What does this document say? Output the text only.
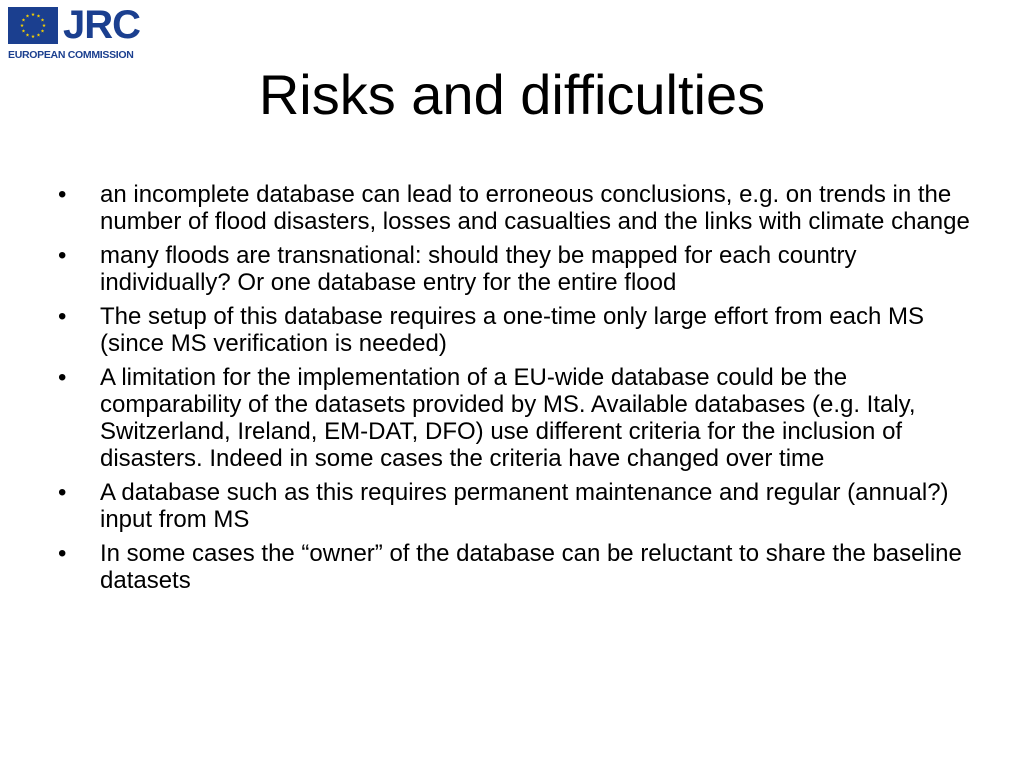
JRC
EUROPEAN COMMISSION
Risks and difficulties
•	an incomplete database can lead to erroneous conclusions, e.g. on trends in the number of flood disasters, losses and casualties and the links with climate change
•	many floods are transnational: should they be mapped for each country individually? Or one database entry for the entire flood
•	The setup of this database requires a one-time only large effort from each MS (since MS verification is needed)
•	A limitation for the implementation of a EU-wide database could be the comparability of the datasets provided by MS. Available databases (e.g. Italy, Switzerland, Ireland, EM-DAT, DFO) use different criteria for the inclusion of disasters. Indeed in some cases the criteria have changed over time
•	A database such as this requires permanent maintenance and regular (annual?) input from MS
•	In some cases the “owner” of the database can be reluctant to share the baseline datasets
